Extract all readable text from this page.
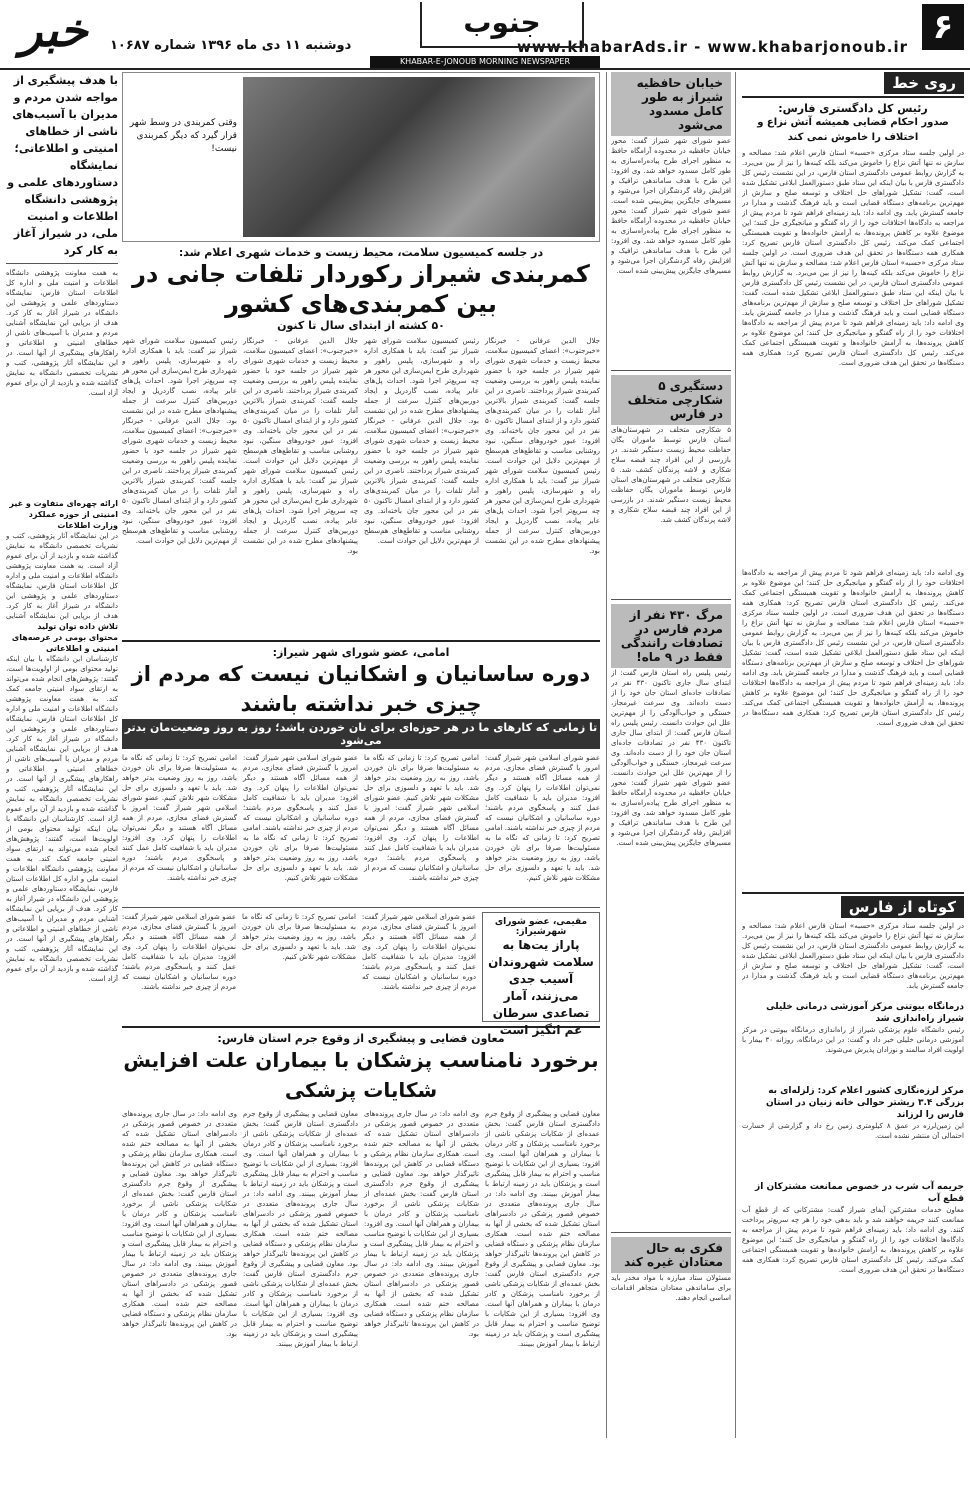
۶
www.khabarAds.ir - www.khabarjonoub.ir
جنوب
دوشنبه ۱۱ دی ماه ۱۳۹۶ شماره ۱۰۶۸۷
خبر
KHABAR-E-JONOUB MORNING NEWSPAPER
روی خط
رئیس کل دادگستری فارس:
صدور احکام قضایی همیشه آتش نزاع و اختلاف را خاموش نمی کند
در اولین جلسه ستاد مرکزی «حسبه» استان فارس اعلام شد: مصالحه و سازش نه تنها آتش نزاع را خاموش می‌کند بلکه کینه‌ها را نیز از بین می‌برد. به گزارش روابط عمومی دادگستری استان فارس، در این نشست رئیس کل دادگستری فارس با بیان اینکه این ستاد طبق دستورالعمل ابلاغی تشکیل شده است، گفت: تشکیل شوراهای حل اختلاف و توسعه صلح و سازش از مهم‌ترین برنامه‌های دستگاه قضایی است و باید فرهنگ گذشت و مدارا در جامعه گسترش یابد. وی ادامه داد: باید زمینه‌ای فراهم شود تا مردم پیش از مراجعه به دادگاه‌ها اختلافات خود را از راه گفتگو و میانجیگری حل کنند؛ این موضوع علاوه بر کاهش پرونده‌ها، به آرامش خانواده‌ها و تقویت همبستگی اجتماعی کمک می‌کند. رئیس کل دادگستری استان فارس تصریح کرد: همکاری همه دستگاه‌ها در تحقق این هدف ضروری است. در اولین جلسه ستاد مرکزی «حسبه» استان فارس اعلام شد: مصالحه و سازش نه تنها آتش نزاع را خاموش می‌کند بلکه کینه‌ها را نیز از بین می‌برد. به گزارش روابط عمومی دادگستری استان فارس، در این نشست رئیس کل دادگستری فارس با بیان اینکه این ستاد طبق دستورالعمل ابلاغی تشکیل شده است، گفت: تشکیل شوراهای حل اختلاف و توسعه صلح و سازش از مهم‌ترین برنامه‌های دستگاه قضایی است و باید فرهنگ گذشت و مدارا در جامعه گسترش یابد. وی ادامه داد: باید زمینه‌ای فراهم شود تا مردم پیش از مراجعه به دادگاه‌ها اختلافات خود را از راه گفتگو و میانجیگری حل کنند؛ این موضوع علاوه بر کاهش پرونده‌ها، به آرامش خانواده‌ها و تقویت همبستگی اجتماعی کمک می‌کند. رئیس کل دادگستری استان فارس تصریح کرد: همکاری همه دستگاه‌ها در تحقق این هدف ضروری است.
وی ادامه داد: باید زمینه‌ای فراهم شود تا مردم پیش از مراجعه به دادگاه‌ها اختلافات خود را از راه گفتگو و میانجیگری حل کنند؛ این موضوع علاوه بر کاهش پرونده‌ها، به آرامش خانواده‌ها و تقویت همبستگی اجتماعی کمک می‌کند. رئیس کل دادگستری استان فارس تصریح کرد: همکاری همه دستگاه‌ها در تحقق این هدف ضروری است. در اولین جلسه ستاد مرکزی «حسبه» استان فارس اعلام شد: مصالحه و سازش نه تنها آتش نزاع را خاموش می‌کند بلکه کینه‌ها را نیز از بین می‌برد. به گزارش روابط عمومی دادگستری استان فارس، در این نشست رئیس کل دادگستری فارس با بیان اینکه این ستاد طبق دستورالعمل ابلاغی تشکیل شده است، گفت: تشکیل شوراهای حل اختلاف و توسعه صلح و سازش از مهم‌ترین برنامه‌های دستگاه قضایی است و باید فرهنگ گذشت و مدارا در جامعه گسترش یابد. وی ادامه داد: باید زمینه‌ای فراهم شود تا مردم پیش از مراجعه به دادگاه‌ها اختلافات خود را از راه گفتگو و میانجیگری حل کنند؛ این موضوع علاوه بر کاهش پرونده‌ها، به آرامش خانواده‌ها و تقویت همبستگی اجتماعی کمک می‌کند. رئیس کل دادگستری استان فارس تصریح کرد: همکاری همه دستگاه‌ها در تحقق این هدف ضروری است.
کوتاه از فارس
در اولین جلسه ستاد مرکزی «حسبه» استان فارس اعلام شد: مصالحه و سازش نه تنها آتش نزاع را خاموش می‌کند بلکه کینه‌ها را نیز از بین می‌برد. به گزارش روابط عمومی دادگستری استان فارس، در این نشست رئیس کل دادگستری فارس با بیان اینکه این ستاد طبق دستورالعمل ابلاغی تشکیل شده است، گفت: تشکیل شوراهای حل اختلاف و توسعه صلح و سازش از مهم‌ترین برنامه‌های دستگاه قضایی است و باید فرهنگ گذشت و مدارا در جامعه گسترش یابد.
درمانگاه بیوتنی مرکز آموزشی درمانی خلیلی شیراز راه‌اندازی شد
رئیس دانشگاه علوم پزشکی شیراز از راه‌اندازی درمانگاه بیوتنی در مرکز آموزشی درمانی خلیلی خبر داد و گفت: در این درمانگاه، روزانه ۳۰ بیمار با اولویت افراد سالمند و نوزادان پذیرش می‌شوند.
مرکز لرزه‌نگاری کشور اعلام کرد: زلزله‌ای به بزرگی ۳.۴ ریشتر حوالی خانه زنیان در استان فارس را لرزاند
این زمین‌لرزه در عمق ۸ کیلومتری زمین رخ داد و گزارشی از خسارت احتمالی آن منتشر نشده است.
جریمه آب شرب در خصوص ممانعت مشترکان از قطع آب
معاون خدمات مشترکین آبفای شیراز گفت: مشترکانی که از قطع آب ممانعت کنند جریمه خواهند شد و باید بدهی خود را هر چه سریع‌تر پرداخت کنند. وی ادامه داد: باید زمینه‌ای فراهم شود تا مردم پیش از مراجعه به دادگاه‌ها اختلافات خود را از راه گفتگو و میانجیگری حل کنند؛ این موضوع علاوه بر کاهش پرونده‌ها، به آرامش خانواده‌ها و تقویت همبستگی اجتماعی کمک می‌کند. رئیس کل دادگستری استان فارس تصریح کرد: همکاری همه دستگاه‌ها در تحقق این هدف ضروری است.
خیابان حافظیه شیراز به طور کامل مسدود می‌شود
عضو شورای شهر شیراز گفت: محور خیابان حافظیه در محدوده آرامگاه حافظ به منظور اجرای طرح پیاده‌راه‌سازی به طور کامل مسدود خواهد شد. وی افزود: این طرح با هدف ساماندهی ترافیک و افزایش رفاه گردشگران اجرا می‌شود و مسیرهای جایگزین پیش‌بینی شده است. عضو شورای شهر شیراز گفت: محور خیابان حافظیه در محدوده آرامگاه حافظ به منظور اجرای طرح پیاده‌راه‌سازی به طور کامل مسدود خواهد شد. وی افزود: این طرح با هدف ساماندهی ترافیک و افزایش رفاه گردشگران اجرا می‌شود و مسیرهای جایگزین پیش‌بینی شده است.
دستگیری ۵ شکارچی متخلف در فارس
۵ شکارچی متخلف در شهرستان‌های استان فارس توسط ماموران یگان حفاظت محیط زیست دستگیر شدند. در بازرسی از این افراد چند قبضه سلاح شکاری و لاشه پرندگان کشف شد. ۵ شکارچی متخلف در شهرستان‌های استان فارس توسط ماموران یگان حفاظت محیط زیست دستگیر شدند. در بازرسی از این افراد چند قبضه سلاح شکاری و لاشه پرندگان کشف شد.
مرگ ۴۳۰ نفر از مردم فارس در تصادفات رانندگی فقط در ۹ ماه!
رئیس پلیس راه استان فارس گفت: از ابتدای سال جاری تاکنون ۴۳۰ نفر در تصادفات جاده‌ای استان جان خود را از دست داده‌اند. وی سرعت غیرمجاز، خستگی و خواب‌آلودگی را از مهم‌ترین علل این حوادث دانست. رئیس پلیس راه استان فارس گفت: از ابتدای سال جاری تاکنون ۴۳۰ نفر در تصادفات جاده‌ای استان جان خود را از دست داده‌اند. وی سرعت غیرمجاز، خستگی و خواب‌آلودگی را از مهم‌ترین علل این حوادث دانست. عضو شورای شهر شیراز گفت: محور خیابان حافظیه در محدوده آرامگاه حافظ به منظور اجرای طرح پیاده‌راه‌سازی به طور کامل مسدود خواهد شد. وی افزود: این طرح با هدف ساماندهی ترافیک و افزایش رفاه گردشگران اجرا می‌شود و مسیرهای جایگزین پیش‌بینی شده است.
فکری به حال معتادان غیره کند
مسئولان ستاد مبارزه با مواد مخدر باید برای ساماندهی معتادان متجاهر اقدامات اساسی انجام دهند.
وقتی کمربندی در وسط شهر قرار گیرد که دیگر کمربندی نیست!
در جلسه کمیسیون سلامت، محیط زیست و خدمات شهری اعلام شد:
کمربندی شیراز رکوردار تلفات جانی در بین کمربندی‌های کشور
۵۰ کشته از ابتدای سال تا کنون
جلال الدین عرفانی - خبرنگار «خبرجنوب»: اعضای کمیسیون سلامت، محیط زیست و خدمات شهری شورای شهر شیراز در جلسه خود با حضور نماینده پلیس راهور به بررسی وضعیت کمربندی شیراز پرداختند. ناصری در این جلسه گفت: کمربندی شیراز بالاترین آمار تلفات را در میان کمربندی‌های کشور دارد و از ابتدای امسال تاکنون ۵۰ نفر در این محور جان باخته‌اند. وی افزود: عبور خودروهای سنگین، نبود روشنایی مناسب و تقاطع‌های هم‌سطح از مهم‌ترین دلایل این حوادث است. رئیس کمیسیون سلامت شورای شهر شیراز نیز گفت: باید با همکاری اداره راه و شهرسازی، پلیس راهور و شهرداری طرح ایمن‌سازی این محور هر چه سریع‌تر اجرا شود. احداث پل‌های عابر پیاده، نصب گاردریل و ایجاد دوربین‌های کنترل سرعت از جمله پیشنهادهای مطرح شده در این نشست بود.
رئیس کمیسیون سلامت شورای شهر شیراز نیز گفت: باید با همکاری اداره راه و شهرسازی، پلیس راهور و شهرداری طرح ایمن‌سازی این محور هر چه سریع‌تر اجرا شود. احداث پل‌های عابر پیاده، نصب گاردریل و ایجاد دوربین‌های کنترل سرعت از جمله پیشنهادهای مطرح شده در این نشست بود. جلال الدین عرفانی - خبرنگار «خبرجنوب»: اعضای کمیسیون سلامت، محیط زیست و خدمات شهری شورای شهر شیراز در جلسه خود با حضور نماینده پلیس راهور به بررسی وضعیت کمربندی شیراز پرداختند. ناصری در این جلسه گفت: کمربندی شیراز بالاترین آمار تلفات را در میان کمربندی‌های کشور دارد و از ابتدای امسال تاکنون ۵۰ نفر در این محور جان باخته‌اند. وی افزود: عبور خودروهای سنگین، نبود روشنایی مناسب و تقاطع‌های هم‌سطح از مهم‌ترین دلایل این حوادث است.
جلال الدین عرفانی - خبرنگار «خبرجنوب»: اعضای کمیسیون سلامت، محیط زیست و خدمات شهری شورای شهر شیراز در جلسه خود با حضور نماینده پلیس راهور به بررسی وضعیت کمربندی شیراز پرداختند. ناصری در این جلسه گفت: کمربندی شیراز بالاترین آمار تلفات را در میان کمربندی‌های کشور دارد و از ابتدای امسال تاکنون ۵۰ نفر در این محور جان باخته‌اند. وی افزود: عبور خودروهای سنگین، نبود روشنایی مناسب و تقاطع‌های هم‌سطح از مهم‌ترین دلایل این حوادث است. رئیس کمیسیون سلامت شورای شهر شیراز نیز گفت: باید با همکاری اداره راه و شهرسازی، پلیس راهور و شهرداری طرح ایمن‌سازی این محور هر چه سریع‌تر اجرا شود. احداث پل‌های عابر پیاده، نصب گاردریل و ایجاد دوربین‌های کنترل سرعت از جمله پیشنهادهای مطرح شده در این نشست بود.
رئیس کمیسیون سلامت شورای شهر شیراز نیز گفت: باید با همکاری اداره راه و شهرسازی، پلیس راهور و شهرداری طرح ایمن‌سازی این محور هر چه سریع‌تر اجرا شود. احداث پل‌های عابر پیاده، نصب گاردریل و ایجاد دوربین‌های کنترل سرعت از جمله پیشنهادهای مطرح شده در این نشست بود. جلال الدین عرفانی - خبرنگار «خبرجنوب»: اعضای کمیسیون سلامت، محیط زیست و خدمات شهری شورای شهر شیراز در جلسه خود با حضور نماینده پلیس راهور به بررسی وضعیت کمربندی شیراز پرداختند. ناصری در این جلسه گفت: کمربندی شیراز بالاترین آمار تلفات را در میان کمربندی‌های کشور دارد و از ابتدای امسال تاکنون ۵۰ نفر در این محور جان باخته‌اند. وی افزود: عبور خودروهای سنگین، نبود روشنایی مناسب و تقاطع‌های هم‌سطح از مهم‌ترین دلایل این حوادث است.
امامی، عضو شورای شهر شیراز:
دوره ساسانیان و اشکانیان نیست که مردم از چیزی خبر نداشته باشند
تا زمانی که کارهای ما در هر حوزه‌ای برای نان خوردن باشد؛ روز به روز وضعیت‌مان بدتر می‌شود
عضو شورای اسلامی شهر شیراز گفت: امروز با گسترش فضای مجازی، مردم از همه مسائل آگاه هستند و دیگر نمی‌توان اطلاعات را پنهان کرد. وی افزود: مدیران باید با شفافیت کامل عمل کنند و پاسخگوی مردم باشند؛ دوره ساسانیان و اشکانیان نیست که مردم از چیزی خبر نداشته باشند. امامی تصریح کرد: تا زمانی که نگاه ما به مسئولیت‌ها صرفا برای نان خوردن باشد، روز به روز وضعیت بدتر خواهد شد. باید با تعهد و دلسوزی برای حل مشکلات شهر تلاش کنیم.
امامی تصریح کرد: تا زمانی که نگاه ما به مسئولیت‌ها صرفا برای نان خوردن باشد، روز به روز وضعیت بدتر خواهد شد. باید با تعهد و دلسوزی برای حل مشکلات شهر تلاش کنیم. عضو شورای اسلامی شهر شیراز گفت: امروز با گسترش فضای مجازی، مردم از همه مسائل آگاه هستند و دیگر نمی‌توان اطلاعات را پنهان کرد. وی افزود: مدیران باید با شفافیت کامل عمل کنند و پاسخگوی مردم باشند؛ دوره ساسانیان و اشکانیان نیست که مردم از چیزی خبر نداشته باشند.
عضو شورای اسلامی شهر شیراز گفت: امروز با گسترش فضای مجازی، مردم از همه مسائل آگاه هستند و دیگر نمی‌توان اطلاعات را پنهان کرد. وی افزود: مدیران باید با شفافیت کامل عمل کنند و پاسخگوی مردم باشند؛ دوره ساسانیان و اشکانیان نیست که مردم از چیزی خبر نداشته باشند. امامی تصریح کرد: تا زمانی که نگاه ما به مسئولیت‌ها صرفا برای نان خوردن باشد، روز به روز وضعیت بدتر خواهد شد. باید با تعهد و دلسوزی برای حل مشکلات شهر تلاش کنیم.
امامی تصریح کرد: تا زمانی که نگاه ما به مسئولیت‌ها صرفا برای نان خوردن باشد، روز به روز وضعیت بدتر خواهد شد. باید با تعهد و دلسوزی برای حل مشکلات شهر تلاش کنیم. عضو شورای اسلامی شهر شیراز گفت: امروز با گسترش فضای مجازی، مردم از همه مسائل آگاه هستند و دیگر نمی‌توان اطلاعات را پنهان کرد. وی افزود: مدیران باید با شفافیت کامل عمل کنند و پاسخگوی مردم باشند؛ دوره ساسانیان و اشکانیان نیست که مردم از چیزی خبر نداشته باشند.
مقیمی، عضو شورای شهرشیراز:
پاراز یت‌ها به سلامت شهروندان آسیب جدی می‌زنند، آمار تصاعدی سرطان غم انگیز است
عضو شورای اسلامی شهر شیراز گفت: امروز با گسترش فضای مجازی، مردم از همه مسائل آگاه هستند و دیگر نمی‌توان اطلاعات را پنهان کرد. وی افزود: مدیران باید با شفافیت کامل عمل کنند و پاسخگوی مردم باشند؛ دوره ساسانیان و اشکانیان نیست که مردم از چیزی خبر نداشته باشند.
امامی تصریح کرد: تا زمانی که نگاه ما به مسئولیت‌ها صرفا برای نان خوردن باشد، روز به روز وضعیت بدتر خواهد شد. باید با تعهد و دلسوزی برای حل مشکلات شهر تلاش کنیم.
عضو شورای اسلامی شهر شیراز گفت: امروز با گسترش فضای مجازی، مردم از همه مسائل آگاه هستند و دیگر نمی‌توان اطلاعات را پنهان کرد. وی افزود: مدیران باید با شفافیت کامل عمل کنند و پاسخگوی مردم باشند؛ دوره ساسانیان و اشکانیان نیست که مردم از چیزی خبر نداشته باشند.
معاون قضایی و پیشگیری از وقوع جرم استان فارس:
برخورد نامناسب پزشکان با بیماران علت افزایش شکایات پزشکی
معاون قضایی و پیشگیری از وقوع جرم دادگستری استان فارس گفت: بخش عمده‌ای از شکایات پزشکی ناشی از برخورد نامناسب پزشکان و کادر درمان با بیماران و همراهان آنها است. وی افزود: بسیاری از این شکایات با توضیح مناسب و احترام به بیمار قابل پیشگیری است و پزشکان باید در زمینه ارتباط با بیمار آموزش ببینند. وی ادامه داد: در سال جاری پرونده‌های متعددی در خصوص قصور پزشکی در دادسراهای استان تشکیل شده که بخشی از آنها به مصالحه ختم شده است. همکاری سازمان نظام پزشکی و دستگاه قضایی در کاهش این پرونده‌ها تاثیرگذار خواهد بود. معاون قضایی و پیشگیری از وقوع جرم دادگستری استان فارس گفت: بخش عمده‌ای از شکایات پزشکی ناشی از برخورد نامناسب پزشکان و کادر درمان با بیماران و همراهان آنها است. وی افزود: بسیاری از این شکایات با توضیح مناسب و احترام به بیمار قابل پیشگیری است و پزشکان باید در زمینه ارتباط با بیمار آموزش ببینند.
وی ادامه داد: در سال جاری پرونده‌های متعددی در خصوص قصور پزشکی در دادسراهای استان تشکیل شده که بخشی از آنها به مصالحه ختم شده است. همکاری سازمان نظام پزشکی و دستگاه قضایی در کاهش این پرونده‌ها تاثیرگذار خواهد بود. معاون قضایی و پیشگیری از وقوع جرم دادگستری استان فارس گفت: بخش عمده‌ای از شکایات پزشکی ناشی از برخورد نامناسب پزشکان و کادر درمان با بیماران و همراهان آنها است. وی افزود: بسیاری از این شکایات با توضیح مناسب و احترام به بیمار قابل پیشگیری است و پزشکان باید در زمینه ارتباط با بیمار آموزش ببینند. وی ادامه داد: در سال جاری پرونده‌های متعددی در خصوص قصور پزشکی در دادسراهای استان تشکیل شده که بخشی از آنها به مصالحه ختم شده است. همکاری سازمان نظام پزشکی و دستگاه قضایی در کاهش این پرونده‌ها تاثیرگذار خواهد بود.
معاون قضایی و پیشگیری از وقوع جرم دادگستری استان فارس گفت: بخش عمده‌ای از شکایات پزشکی ناشی از برخورد نامناسب پزشکان و کادر درمان با بیماران و همراهان آنها است. وی افزود: بسیاری از این شکایات با توضیح مناسب و احترام به بیمار قابل پیشگیری است و پزشکان باید در زمینه ارتباط با بیمار آموزش ببینند. وی ادامه داد: در سال جاری پرونده‌های متعددی در خصوص قصور پزشکی در دادسراهای استان تشکیل شده که بخشی از آنها به مصالحه ختم شده است. همکاری سازمان نظام پزشکی و دستگاه قضایی در کاهش این پرونده‌ها تاثیرگذار خواهد بود. معاون قضایی و پیشگیری از وقوع جرم دادگستری استان فارس گفت: بخش عمده‌ای از شکایات پزشکی ناشی از برخورد نامناسب پزشکان و کادر درمان با بیماران و همراهان آنها است. وی افزود: بسیاری از این شکایات با توضیح مناسب و احترام به بیمار قابل پیشگیری است و پزشکان باید در زمینه ارتباط با بیمار آموزش ببینند.
وی ادامه داد: در سال جاری پرونده‌های متعددی در خصوص قصور پزشکی در دادسراهای استان تشکیل شده که بخشی از آنها به مصالحه ختم شده است. همکاری سازمان نظام پزشکی و دستگاه قضایی در کاهش این پرونده‌ها تاثیرگذار خواهد بود. معاون قضایی و پیشگیری از وقوع جرم دادگستری استان فارس گفت: بخش عمده‌ای از شکایات پزشکی ناشی از برخورد نامناسب پزشکان و کادر درمان با بیماران و همراهان آنها است. وی افزود: بسیاری از این شکایات با توضیح مناسب و احترام به بیمار قابل پیشگیری است و پزشکان باید در زمینه ارتباط با بیمار آموزش ببینند. وی ادامه داد: در سال جاری پرونده‌های متعددی در خصوص قصور پزشکی در دادسراهای استان تشکیل شده که بخشی از آنها به مصالحه ختم شده است. همکاری سازمان نظام پزشکی و دستگاه قضایی در کاهش این پرونده‌ها تاثیرگذار خواهد بود.
با هدف پیشگیری از مواجه شدن مردم و مدیران با آسیب‌های ناشی از خطاهای امنیتی و اطلاعاتی؛ نمایشگاه دستاوردهای علمی و پژوهشی دانشگاه اطلاعات و امنیت ملی، در شیراز آغاز به کار کرد
به همت معاونت پژوهشی دانشگاه اطلاعات و امنیت ملی و اداره کل اطلاعات استان فارس، نمایشگاه دستاوردهای علمی و پژوهشی این دانشگاه در شیراز آغاز به کار کرد. هدف از برپایی این نمایشگاه آشنایی مردم و مدیران با آسیب‌های ناشی از خطاهای امنیتی و اطلاعاتی و راهکارهای پیشگیری از آنها است. در این نمایشگاه آثار پژوهشی، کتب و نشریات تخصصی دانشگاه به نمایش گذاشته شده و بازدید از آن برای عموم آزاد است.
ارائه چهره‌ای متفاوت و غیر امنیتی از حوزه عملکرد وزارت اطلاعات
در این نمایشگاه آثار پژوهشی، کتب و نشریات تخصصی دانشگاه به نمایش گذاشته شده و بازدید از آن برای عموم آزاد است. به همت معاونت پژوهشی دانشگاه اطلاعات و امنیت ملی و اداره کل اطلاعات استان فارس، نمایشگاه دستاوردهای علمی و پژوهشی این دانشگاه در شیراز آغاز به کار کرد. هدف از برپایی این نمایشگاه آشنایی
تلاش داده توان تولید محتوای بومی در عرصه‌های امنیتی و اطلاعاتی
کارشناسان این دانشگاه با بیان اینکه تولید محتوای بومی از اولویت‌ها است، گفتند: پژوهش‌های انجام شده می‌تواند به ارتقای سواد امنیتی جامعه کمک کند. به همت معاونت پژوهشی دانشگاه اطلاعات و امنیت ملی و اداره کل اطلاعات استان فارس، نمایشگاه دستاوردهای علمی و پژوهشی این دانشگاه در شیراز آغاز به کار کرد. هدف از برپایی این نمایشگاه آشنایی مردم و مدیران با آسیب‌های ناشی از خطاهای امنیتی و اطلاعاتی و راهکارهای پیشگیری از آنها است. در این نمایشگاه آثار پژوهشی، کتب و نشریات تخصصی دانشگاه به نمایش گذاشته شده و بازدید از آن برای عموم آزاد است. کارشناسان این دانشگاه با بیان اینکه تولید محتوای بومی از اولویت‌ها است، گفتند: پژوهش‌های انجام شده می‌تواند به ارتقای سواد امنیتی جامعه کمک کند. به همت معاونت پژوهشی دانشگاه اطلاعات و امنیت ملی و اداره کل اطلاعات استان فارس، نمایشگاه دستاوردهای علمی و پژوهشی این دانشگاه در شیراز آغاز به کار کرد. هدف از برپایی این نمایشگاه آشنایی مردم و مدیران با آسیب‌های ناشی از خطاهای امنیتی و اطلاعاتی و راهکارهای پیشگیری از آنها است. در این نمایشگاه آثار پژوهشی، کتب و نشریات تخصصی دانشگاه به نمایش گذاشته شده و بازدید از آن برای عموم آزاد است.
